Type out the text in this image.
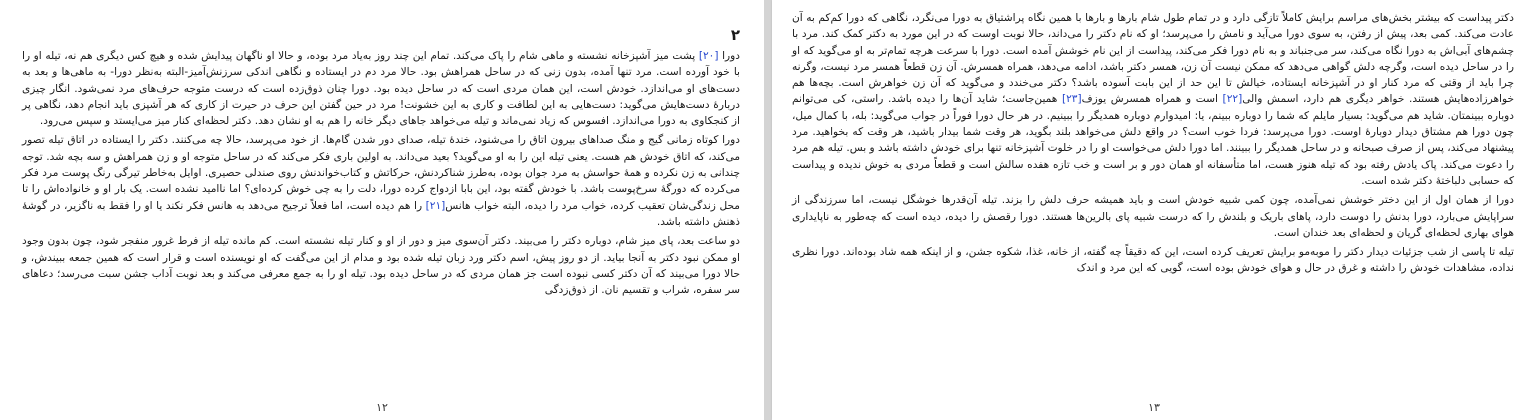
۲

دورا [۲۰] پشت میز آشپزخانه نشسته و ماهی شام را پاک می‌کند. تمام این چند روز به‌یاد مرد بوده، و حالا او ناگهان پیدایش شده و هیچ کس دیگری هم نه، تیله او را با خود آورده است. مرد تنها آمده، بدون زنی که در ساحل همراهش بود. حالا مرد دم در ایستاده و نگاهی اندکی سرزنش‌آمیز-البته به‌نظر دورا- به ماهی‌ها و بعد به دست‌های او می‌اندازد. خودش است، این همان مردی است که در ساحل دیده بود. دورا چنان ذوق‌زده است که درست متوجه حرف‌های مرد نمی‌شود. انگار چیزی دربارهٔ دست‌هایش می‌گوید: دست‌هایی به این لطافت و کاری به این خشونت! مرد در حین گفتن این حرف در حیرت از کاری که هر آشپزی باید انجام دهد، نگاهی پر از کنجکاوی به دورا می‌اندازد. افسوس که زیاد نمی‌ماند و تیله می‌خواهد جاهای دیگر خانه را هم به او نشان دهد. دکتر لحظه‌ای کنار میز می‌ایستد و سپس می‌رود.

دورا کوتاه زمانی گیج و منگ صداهای بیرون اتاق را می‌شنود، خندهٔ تیله، صدای دور شدن گام‌ها. از خود می‌پرسد، حالا چه می‌کنند. دکتر را ایستاده در اتاق تیله تصور می‌کند، که اتاق خودش هم هست. یعنی تیله این را به او می‌گوید؟ بعید می‌داند. به اولین باری فکر می‌کند که در ساحل متوجه او و زن همراهش و سه بچه شد. توجه چندانی به زن نکرده و همهٔ حواسش به مرد جوان بوده، به‌طرز شناکردنش، حرکاتش و کتاب‌خواندنش روی صندلی حصیری. اوایل به‌خاطر تیرگی رنگ پوست مرد فکر می‌کرده که دورگهٔ سرخ‌پوست باشد. با خودش گفته بود، این بابا ازدواج کرده دورا، دلت را به چی خوش کرده‌ای؟ اما ناامید نشده است. یک بار او و خانواده‌اش را تا محل زندگی‌شان تعقیب کرده، خواب مرد را دیده، البته خواب هانس[۲۱] را هم دیده است، اما فعلاً ترجیح می‌دهد به هانس فکر نکند یا او را فقط به ناگزیر، در گوشهٔ ذهنش داشته باشد.

دو ساعت بعد، پای میز شام، دوباره دکتر را می‌بیند. دکتر آن‌سوی میز و دور از او و کنار تیله نشسته است. کم مانده تیله از فرط غرور منفجر شود، چون بدون وجود او ممکن نبود دکتر به آنجا بیاید. از دو روز پیش، اسم دکتر ورد زبان تیله شده بود و مدام از این می‌گفت که او نویسنده است و قرار است که همین جمعه ببیندش، و حالا دورا می‌بیند که آن دکتر کسی نبوده است جز همان مردی که در ساحل دیده بود. تیله او را به جمع معرفی می‌کند و بعد نوبت آداب جشن سبت می‌رسد؛ دعاهای سر سفره، شراب و تقسیم نان. از ذوق‌زدگی

۱۲

دکتر پیداست که بیشتر بخش‌های مراسم برایش کاملاً تازگی دارد و در تمام طول شام بارها و بارها با همین نگاه پراشتیاق به دورا می‌نگرد، نگاهی که دورا کم‌کم به آن عادت می‌کند. کمی بعد، پیش از رفتن، به سوی دورا می‌آید و نامش را می‌پرسد؛ او که نام دکتر را می‌داند، حالا نوبت اوست که در این مورد به دکتر کمک کند. مرد با چشم‌های آبی‌اش به دورا نگاه می‌کند، سر می‌جنباند و به نام دورا فکر می‌کند، پیداست از این نام خوشش آمده است. دورا با سرعت هرچه تمام‌تر به او می‌گوید که او را در ساحل دیده است، وگرچه دلش گواهی می‌دهد که ممکن نیست آن زن، همسر دکتر باشد، ادامه می‌دهد، همراه همسرش. آن زن قطعاً همسر مرد نیست، وگرنه چرا باید از وقتی که مرد کنار او در آشپزخانه ایستاده، خیالش تا این حد از این بابت آسوده باشد؟ دکتر می‌خندد و می‌گوید که آن زن خواهرش است. بچه‌ها هم خواهرزاده‌هایش هستند. خواهر دیگری هم دارد، اسمش والی[۲۲] است و همراه همسرش یوزف[۲۳] همین‌جاست؛ شاید آن‌ها را دیده باشد. راستی، کی می‌توانم دوباره ببینمتان. شاید هم می‌گوید: بسیار مایلم که شما را دوباره ببینم، یا: امیدوارم دوباره همدیگر را ببینیم. در هر حال دورا فوراً در جواب می‌گوید: بله، با کمال میل، چون دورا هم مشتاق دیدار دوبارهٔ اوست. دورا می‌پرسد: فردا خوب است؟ در واقع دلش می‌خواهد بلند بگوید، هر وقت شما بیدار باشید، هر وقت که بخواهید. مرد پیشنهاد می‌کند، پس از صرف صبحانه و در ساحل همدیگر را ببینند. اما دورا دلش می‌خواست او را در خلوت آشپزخانه تنها برای خودش داشته باشد و بس. تیله هم مرد را دعوت می‌کند. پاک یادش رفته بود که تیله هنوز هست، اما متأسفانه او همان دور و بر است و خب تازه هفده سالش است و قطعاً مردی به خوش ندیده و پیداست که حسابی دلباختهٔ دکتر شده است.

دورا از همان اول از این دختر خوشش نمی‌آمده، چون کمی شبیه خودش است و باید همیشه حرف دلش را بزند. تیله آن‌قدرها خوشگل نیست، اما سرزندگی از سراپایش می‌بارد، دورا بدنش را دوست دارد، پاهای باریک و بلندش را که درست شبیه پای بالرین‌ها هستند. دورا رقصش را دیده، دیده است که چه‌طور به ناپایداری هوای بهاری لحظه‌ای گریان و لحظه‌ای بعد خندان است.

تیله تا پاسی از شب جزئیات دیدار دکتر را موبه‌مو برایش تعریف کرده است، این که دقیقاً چه گفته، از خانه، غذا، شکوه جشن، و از اینکه همه شاد بوده‌اند. دورا نظری نداده، مشاهدات خودش را داشته و غرق در حال و هوای خودش بوده است، گویی که این مرد و اندک

۱۳
